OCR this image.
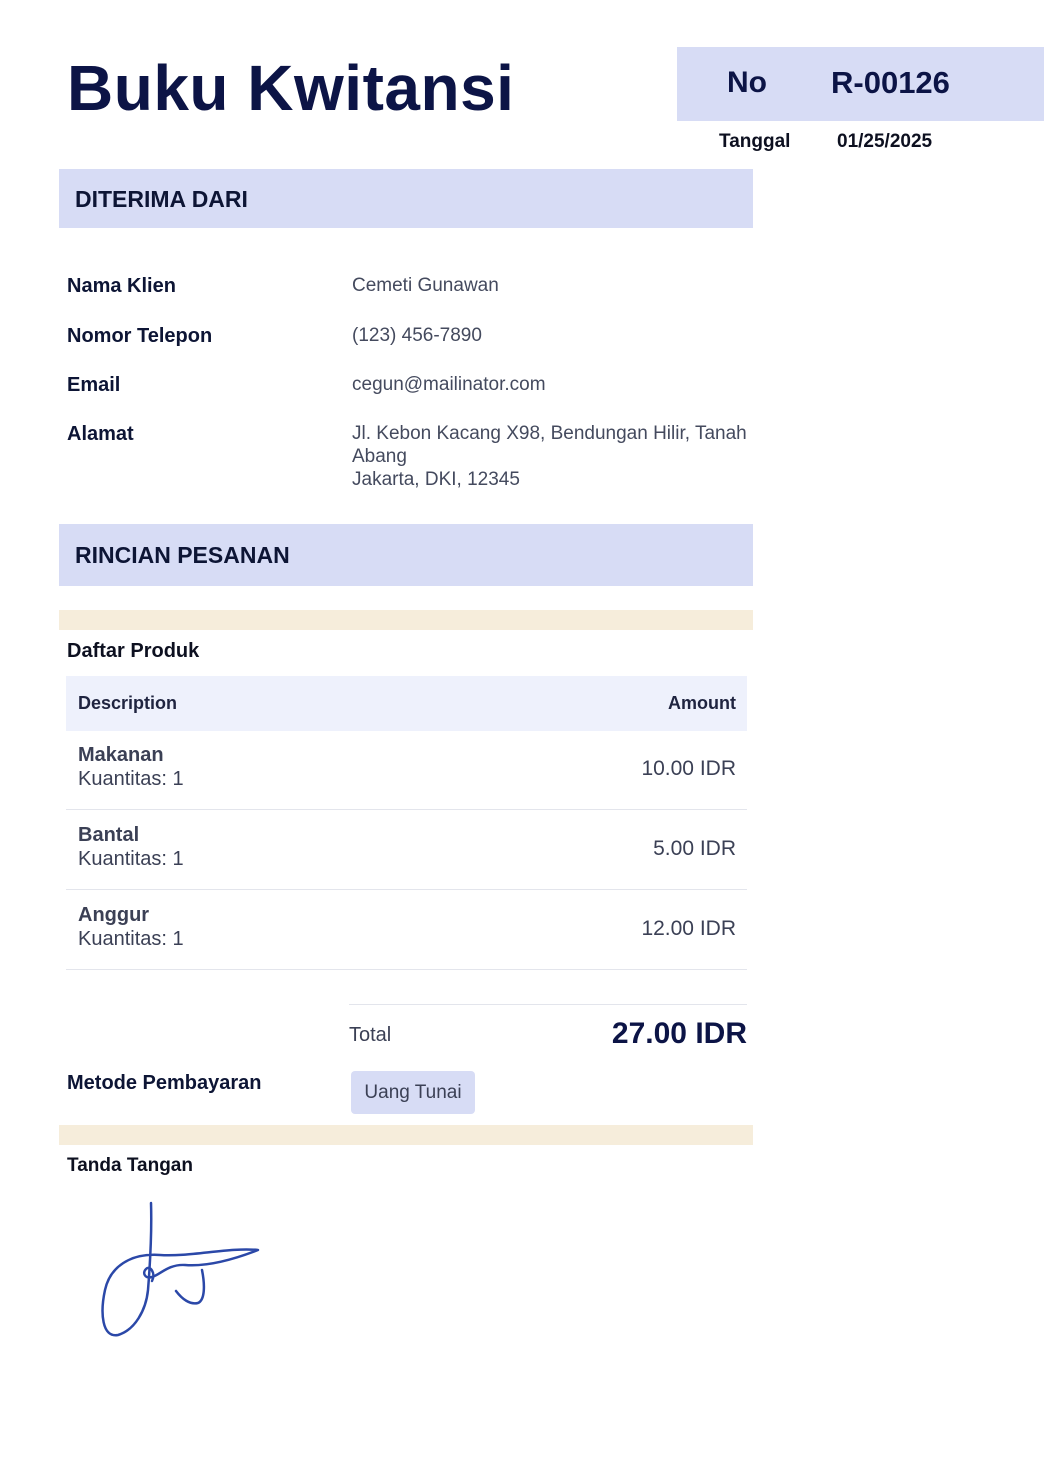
Buku Kwitansi	No R-00126
Tanggal 01/25/2025
DITERIMA DARI
Nama Klien	Cemeti Gunawan
Nomor Telepon	(123) 456-7890
Email	cegun@mailinator.com
Alamat	Jl. Kebon Kacang X98, Bendungan Hilir, Tanah Abang
Jakarta, DKI, 12345
RINCIAN PESANAN
Daftar Produk
Description	Amount
Makanan
Kuantitas: 1	10.00 IDR
Bantal
Kuantitas: 1	5.00 IDR
Anggur
Kuantitas: 1	12.00 IDR
Total	27.00 IDR
Metode Pembayaran	Uang Tunai
Tanda Tangan
